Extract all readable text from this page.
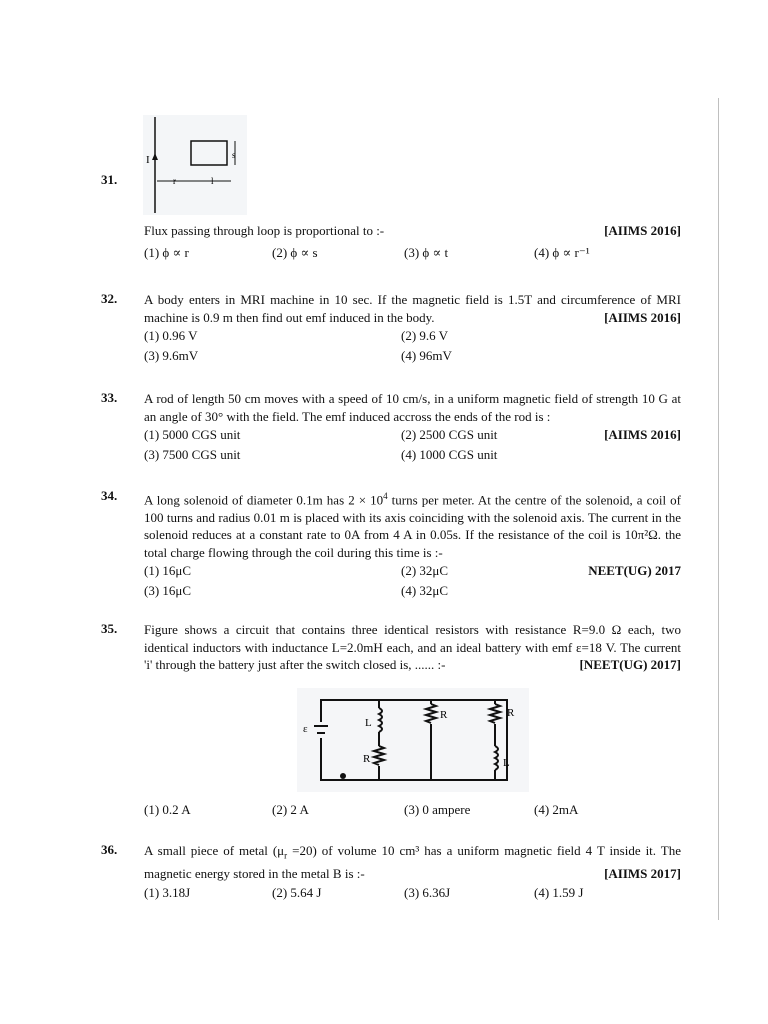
I	s
r	l
31.
Flux passing through loop is proportional to :-	[AIIMS 2016]
(1) ϕ ∝ r	(2) ϕ ∝ s	(3) ϕ ∝ t	(4) ϕ ∝ r⁻¹
32. A body enters in MRI machine in 10 sec. If the magnetic field is 1.5T and circumference of MRI machine is 0.9 m then find out emf induced in the body.	[AIIMS 2016]
(1) 0.96 V	(2) 9.6 V
(3) 9.6mV	(4) 96mV
33. A rod of length 50 cm moves with a speed of 10 cm/s, in a uniform magnetic field of strength 10 G at an angle of 30° with the field. The emf induced accross the ends of the rod is :
(1) 5000 CGS unit	(2) 2500 CGS unit	[AIIMS 2016]
(3) 7500 CGS unit	(4) 1000 CGS unit
34. A long solenoid of diameter 0.1m has $2 \times 10^4$ turns per meter. At the centre of the solenoid, a coil of 100 turns and radius 0.01 m is placed with its axis coinciding with the solenoid axis. The current in the solenoid reduces at a constant rate to 0A from 4 A in 0.05s. If the resistance of the coil is 10π²Ω. the total charge flowing through the coil during this time is :-
(1) 16μC	(2) 32μC	NEET(UG) 2017
(3) 16μC	(4) 32μC
35. Figure shows a circuit that contains three identical resistors with resistance R=9.0 Ω each, two identical inductors with inductance L=2.0mH each, and an ideal battery with emf ε=18 V. The current 'i' through the battery just after the switch closed is, ...... :-	[NEET(UG) 2017]
ε	L
R
R	R
L
(1) 0.2 A	(2) 2 A	(3) 0 ampere	(4) 2mA
36. A small piece of metal $(\mu_r =20)$ of volume 10 cm³ has a uniform magnetic field 4 T inside it. The magnetic energy stored in the metal B is :-	[AIIMS 2017]
(1) 3.18J	(2) 5.64 J	(3) 6.36J	(4) 1.59 J
